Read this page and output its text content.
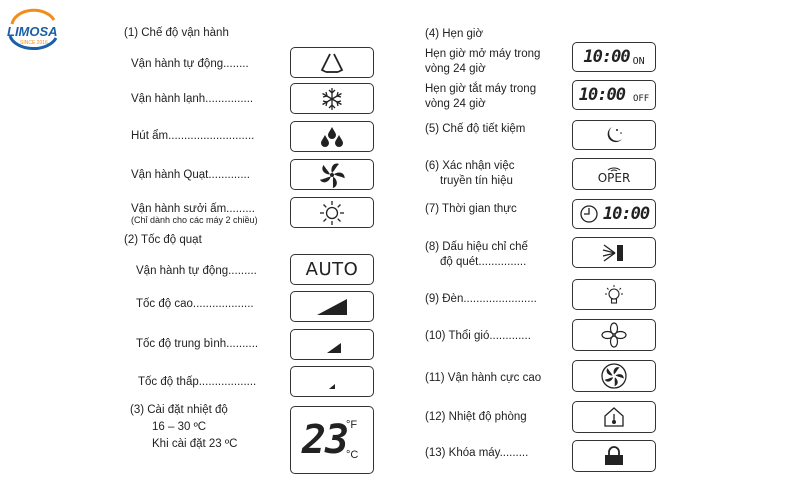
LIMOSA
SINCE 2016
(1) Chế độ vận hành
Vận hành tự động........
Vận hành lạnh...............
Hút ẩm...........................
Vận hành Quạt.............
Vận hành sưởi ấm.........
(Chỉ dành cho các máy 2 chiều)
(2) Tốc độ quạt
Vận hành tự động.........	AUTO
Tốc độ cao...................
Tốc độ trung bình..........
Tốc độ thấp..................
(3) Cài đặt nhiệt độ
16 – 30 ºC
Khi cài đặt 23 ºC 23
°F
°C
(4) Hẹn giờ
Hẹn giờ mở máy trong
vòng 24 giờ
10:00 ON
Hẹn giờ tắt máy trong
vòng 24 giờ	10:00 OFF
(5) Chế độ tiết kiệm
(6) Xác nhận việc
truyền tín hiệu	OPER
(7) Thời gian thực	10:00
(8) Dấu hiệu chỉ chế
độ quét...............
(9) Đèn.......................
(10) Thổi gió.............
(11) Vận hành cực cao
(12) Nhiệt độ phòng
(13) Khóa máy.........
